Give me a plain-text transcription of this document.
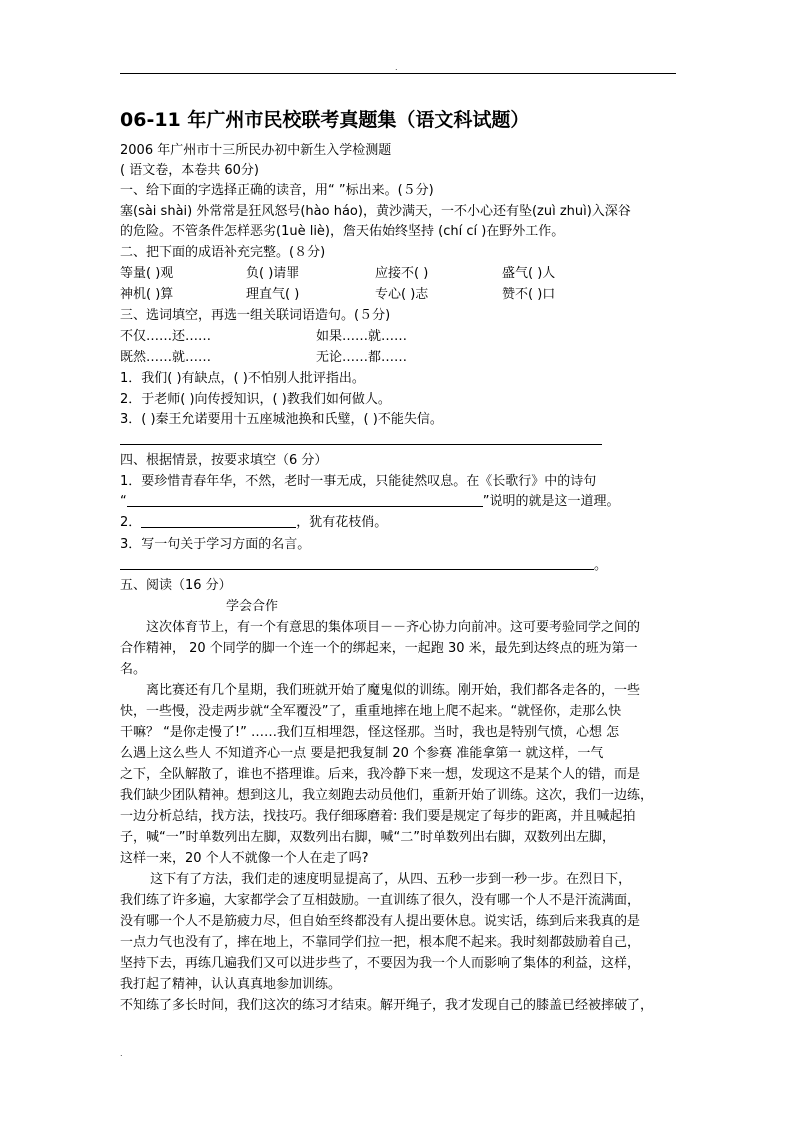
.
06-11 年广州市民校联考真题集（语文科试题）
2006 年广州市十三所民办初中新生入学检测题
( 语文卷，本卷共 60分)
一、给下面的字选择正确的读音，用“ ”标出来。(５分)
塞(sài shài) 外常常是狂风怒号(hào háo)，黄沙满天，一不小心还有坠(zuì zhuì)入深谷
的危险。不管条件怎样恶劣(1uè liè)，詹天佑始终坚持 (chí cí )在野外工作。
二、把下面的成语补充完整。(８分)
等量( )观	负( )请罪	应接不( )	盛气( )人
神机( )算	理直气( )	专心( )志	赞不( )口
三、选词填空，再选一组关联词语造句。(５分)
不仅……还……	如果……就……
既然……就……	无论……都……
1．我们( )有缺点，( )不怕别人批评指出。
2．于老师( )向传授知识，( )教我们如何做人。
3．( )秦王允诺要用十五座城池换和氏璧，( )不能失信。
四、根据情景，按要求填空（6 分）
1．要珍惜青春年华，不然，老时一事无成，只能徒然叹息。在《长歌行》中的诗句
“	”说明的就是这一道理。
2．	，犹有花枝俏。
3．写一句关于学习方面的名言。
。
五、阅读（16 分）
学会合作
　　这次体育节上，有一个有意思的集体项目－－齐心协力向前冲。这可要考验同学之间的
合作精神， 20 个同学的脚一个连一个的绑起来，一起跑 30 米，最先到达终点的班为第一
名。
　　离比赛还有几个星期，我们班就开始了魔鬼似的训练。刚开始，我们都各走各的，一些
快，一些慢，没走两步就“全军覆没”了，重重地摔在地上爬不起来。“就怪你，走那么快
干嘛？ “是你走慢了!” ……我们互相埋怨，怪这怪那。当时，我也是特别气愤，心想 怎
么遇上这么些人 不知道齐心一点 要是把我复制 20 个参赛 准能拿第一 就这样，一气
之下，全队解散了，谁也不搭理谁。后来，我冷静下来一想，发现这不是某个人的错，而是
我们缺少团队精神。想到这儿，我立刻跑去动员他们，重新开始了训练。这次，我们一边练，
一边分析总结，找方法，找技巧。我仔细琢磨着: 我们要是规定了每步的距离，并且喊起拍
子，喊“一”时单数列出左脚，双数列出右脚，喊“二”时单数列出右脚，双数列出左脚，
这样一来，20 个人不就像一个人在走了吗?
　　 这下有了方法，我们走的速度明显提高了，从四、五秒一步到一秒一步。在烈日下，
我们练了许多遍，大家都学会了互相鼓励。一直训练了很久，没有哪一个人不是汗流满面，
没有哪一个人不是筋疲力尽，但自始至终都没有人提出要休息。说实话，练到后来我真的是
一点力气也没有了，摔在地上，不靠同学们拉一把，根本爬不起来。我时刻都鼓励着自己，
坚持下去，再练几遍我们又可以进步些了，不要因为我一个人而影响了集体的利益，这样，
我打起了精神，认认真真地参加训练。
不知练了多长时间，我们这次的练习才结束。解开绳子，我才发现自己的膝盖已经被摔破了，
.
